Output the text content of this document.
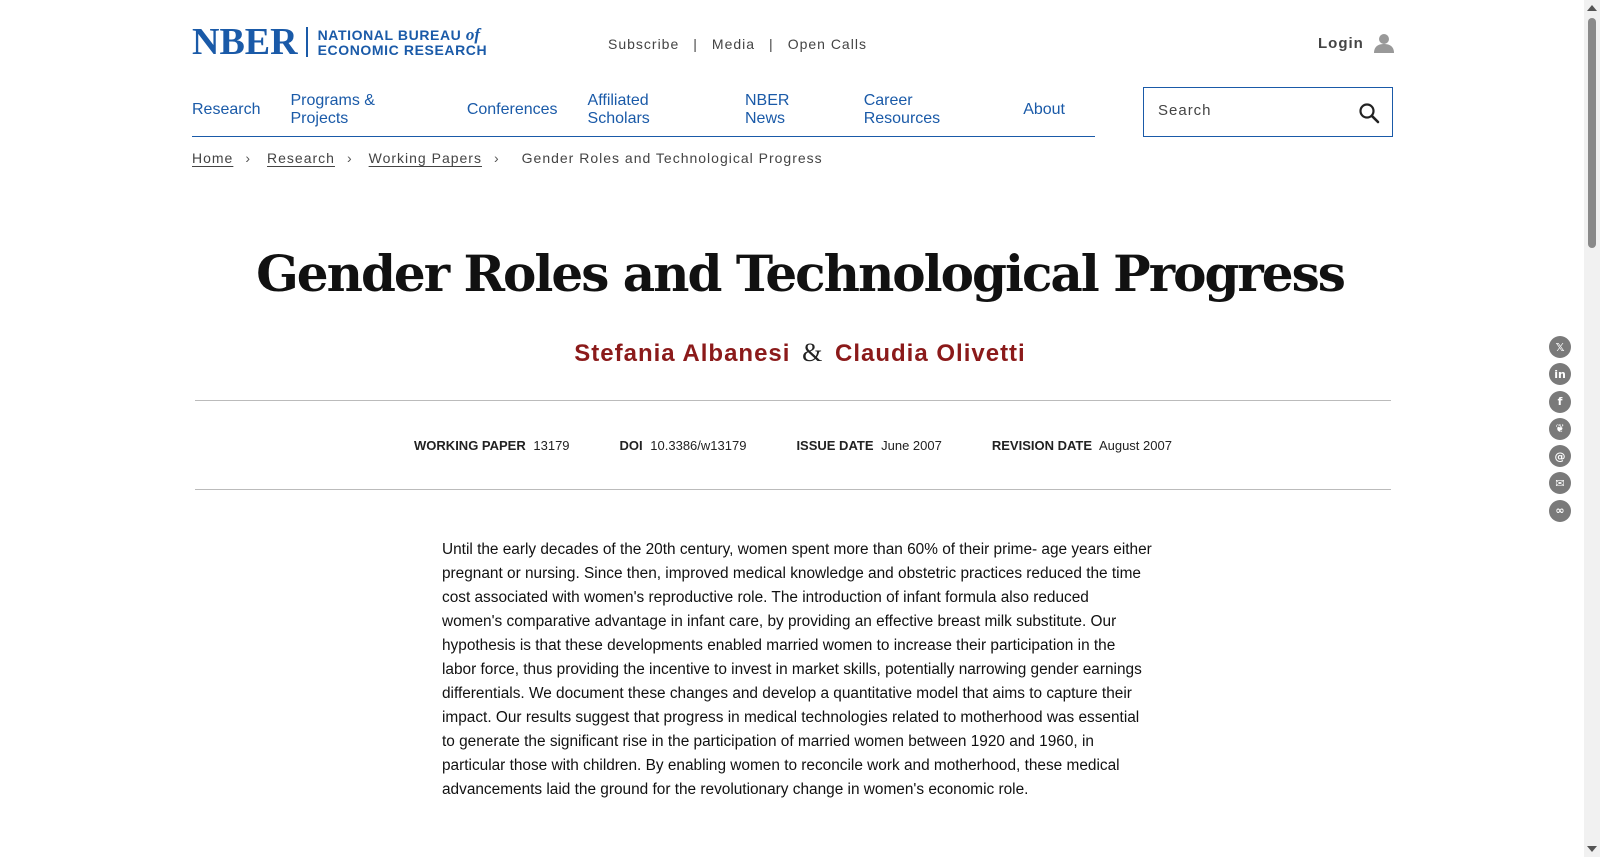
NBER NATIONAL BUREAU of
ECONOMIC RESEARCH	Subscribe | Media | Open Calls	Login
Research
Programs & Projects
Conferences
Affiliated Scholars
NBER News
Career Resources
About
Search
Home › Research › Working Papers › Gender Roles and Technological Progress
Gender Roles and Technological Progress
Stefania Albanesi & Claudia Olivetti
WORKING PAPER 13179	DOI 10.3386/w13179	ISSUE DATE June 2007	REVISION DATE August 2007

Until the early decades of the 20th century, women spent more than 60% of their prime- age years either pregnant or nursing. Since then, improved medical knowledge and obstetric practices reduced the time cost associated with women's reproductive role. The introduction of infant formula also reduced women's comparative advantage in infant care, by providing an effective breast milk substitute. Our hypothesis is that these developments enabled married women to increase their participation in the labor force, thus providing the incentive to invest in market skills, potentially narrowing gender earnings differentials. We document these changes and develop a quantitative model that aims to capture their impact. Our results suggest that progress in medical technologies related to motherhood was essential to generate the significant rise in the participation of married women between 1920 and 1960, in particular those with children. By enabling women to reconcile work and motherhood, these medical advancements laid the ground for the revolutionary change in women's economic role.

𝕏
in
f
❦
@
✉
∞
